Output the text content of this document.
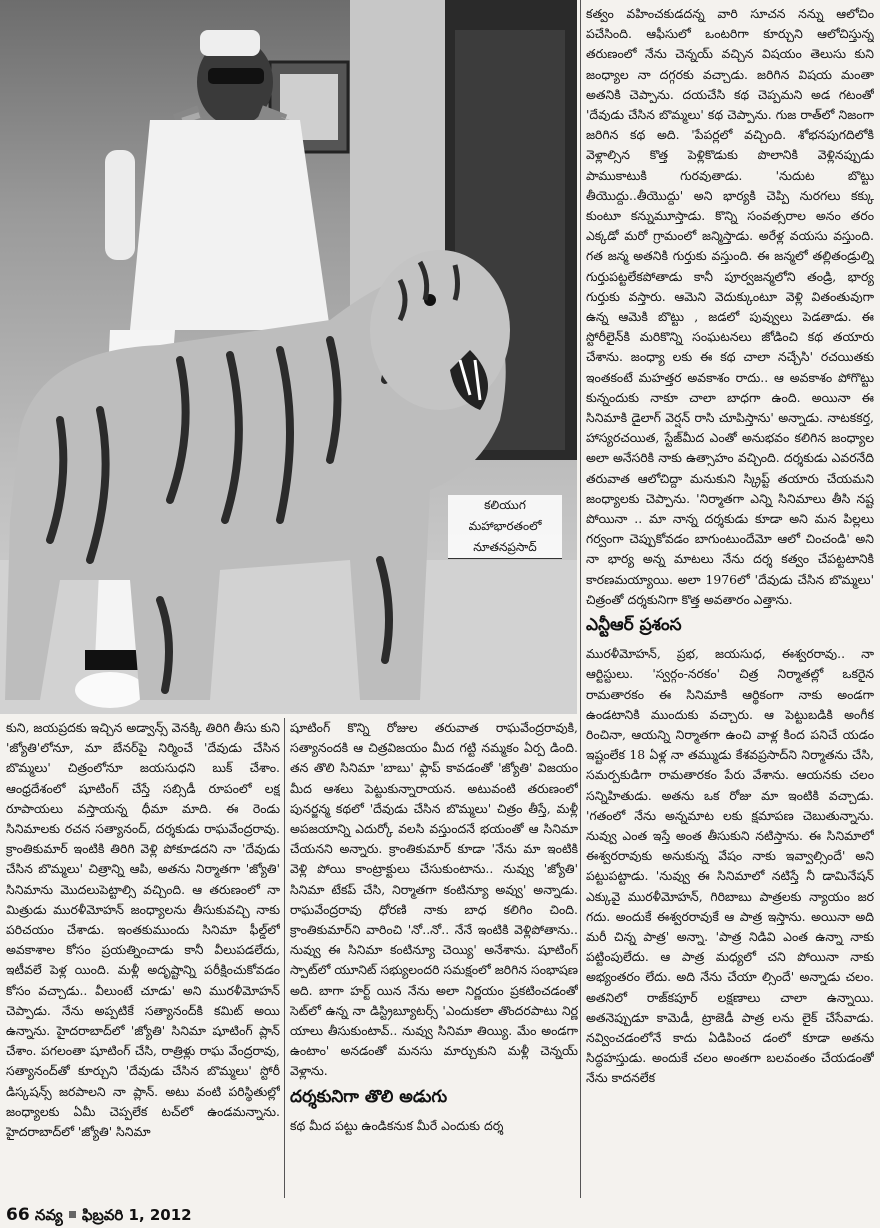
కలియుగ
మహాభారతంలో
నూతనప్రసాద్

కత్వం వహించకుడదన్న వారి సూచన నన్ను ఆలోచిం పచేసింది. ఆఫీసులో ఒంటరిగా కూర్చుని ఆలోచిస్తున్న తరుణంలో నేను చెన్నయ్ వచ్చిన విషయం తెలుసు కుని జంధ్యాల నా దగ్గరకు వచ్చాడు. జరిగిన విషయ మంతా అతనికి చెప్పాను. దయచేసి కథ చెప్పమని అడ గటంతో 'దేవుడు చేసిన బొమ్మలు' కథ చెప్పాను. గుజ రాత్‌లో నిజంగా జరిగిన కథ అది. 'పేపర్లలో వచ్చింది. శోభనపుగదిలోకి వెళ్లాల్సిన కొత్త పెళ్లికొడుకు పొలానికి వెళ్లినప్పుడు పాముకాటుకి గురవుతాడు. 'నుదుట బొట్టు తీయొద్దు..తీయొద్దు' అని భార్యకి చెప్పి నురగలు కక్కు కుంటూ కన్నుమూస్తాడు. కొన్ని సంవత్సరాల అనం తరం ఎక్కడో మరో గ్రామంలో జన్మిస్తాడు. అరేళ్ల వయసు వస్తుంది. గత జన్మ అతనికి గుర్తుకు వస్తుంది. ఈ జన్మలో తల్లితండ్రుల్ని గుర్తుపట్టలేకపోతాడు కానీ పూర్వజన్మలోని తండ్రి, భార్య గుర్తుకు వస్తారు. ఆమెని వెదుక్కుంటూ వెళ్లి వితంతువుగా ఉన్న ఆమెకి బొట్టు , జడలో పువ్వులు పెడతాడు. ఈ స్టోరీలైన్‌కి మరికొన్ని సంఘటనలు జోడించి కథ తయారు చేశాను. జంధ్యా లకు ఈ కథ చాలా నచ్చేసి' రచయితకు ఇంతకంటే మహత్తర అవకాశం రాదు.. ఆ అవకాశం పోగొట్టు కున్నందుకు నాకూ చాలా బాధగా ఉంది. అయినా ఈ సినిమాకి డైలాగ్ వెర్షన్ రాసి చూపిస్తాను' అన్నాడు. నాటకకర్త, హాస్యరచయిత, స్టేజ్‌మీద ఎంతో అనుభవం కలిగిన జంధ్యాల అలా అనేసరికి నాకు ఉత్సాహం వచ్చింది. దర్శకుడు ఎవరనేది తరువాత ఆలోచిద్దా మనుకుని స్క్రిప్ట్ తయారు చేయమని జంధ్యాలకు చెప్పాను. 'నిర్మాతగా ఎన్ని సినిమాలు తీసి నష్ట పోయినా .. మా నాన్న దర్శకుడు కూడా అని మన పిల్లలు గర్వంగా చెప్పుకోవడం బాగుంటుందేమో ఆలో చించండి' అని నా భార్య అన్న మాటలు నేను దర్శ కత్వం చేపట్టటానికి కారణమయ్యాయి. అలా 1976లో 'దేవుడు చేసిన బొమ్మలు' చిత్రంతో దర్శకునిగా కొత్త అవతారం ఎత్తాను.

ఎన్టీఆర్ ప్రశంస

మురళీమోహన్, ప్రభ, జయసుధ, ఈశ్వరరావు.. నా ఆర్టిస్టులు. 'స్వర్గం-నరకం' చిత్ర నిర్మాతల్లో ఒకరైన రామతారకం ఈ సినిమాకి ఆర్థికంగా నాకు అండగా ఉండటానికి ముందుకు వచ్చారు. ఆ పెట్టుబడికి అంగీక రించినా, ఆయన్ని నిర్మాతగా ఉంచి వాళ్ల కింద పనిచే యడం ఇష్టంలేక 18 ఏళ్ల నా తమ్ముడు కేశవప్రసాద్‌ని నిర్మాతను చేసి, సమర్పకుడిగా రామతారకం పేరు వేశాను. ఆయనకు చలం సన్నిహితుడు. అతను ఒక రోజు మా ఇంటికి వచ్చాడు. 'గతంలో నేను అన్నమాట లకు క్షమాపణ చెబుతున్నాను. నువ్వు ఎంత ఇస్తే అంత తీసుకుని నటిస్తాను. ఈ సినిమాలో ఈశ్వరరావుకు అనుకున్న వేషం నాకు ఇవ్వాల్సిందే' అని పట్టుపట్టాడు. 'నువ్వు ఈ సినిమాలో నటిస్తే నీ డామినేషన్ ఎక్కువై మురళీమోహన్, గిరిబాబు పాత్రలకు న్యాయం జర గదు. అందుకే ఈశ్వరరావుకే ఆ పాత్ర ఇస్తాను. అయినా అది మరీ చిన్న పాత్ర' అన్నా. 'పాత్ర నిడివి ఎంత ఉన్నా నాకు పట్టింపులేదు. ఆ పాత్ర మధ్యలో చని పోయినా నాకు అభ్యంతరం లేదు. అది నేను చేయా ల్సిందే' అన్నాడు చలం. అతనిలో రాజ్‌కపూర్ లక్షణాలు చాలా ఉన్నాయి. అతనెప్పుడూ కామెడీ, ట్రాజెడీ పాత్ర లను లైక్ చేసేవాడు. నవ్వించడంలోనే కాదు ఏడిపించ డంలో కూడా అతను సిద్ధహస్తుడు. అందుకే చలం అంతగా బలవంతం చేయడంతో నేను కాదనలేక

కుని, జయప్రదకు ఇచ్చిన అడ్వాన్స్ వెనక్కి తిరిగి తీసు కుని 'జ్యోతి'లోనూ, మా బేనర్‌పై నిర్మించే 'దేవుడు చేసిన బొమ్మలు' చిత్రంలోనూ జయసుధని బుక్ చేశాం. ఆంధ్రదేశంలో షూటింగ్ చేస్తే సబ్సిడీ రూపంలో లక్ష రూపాయలు వస్తాయన్న ధీమా మాది. ఈ రెండు సినిమాలకు రచన సత్యానంద్, దర్శకుడు రాఘవేంద్రరావు. క్రాంతికుమార్ ఇంటికి తిరిగి వెళ్లి పోకూడదని నా 'దేవుడు చేసిన బొమ్మలు' చిత్రాన్ని ఆపి, అతను నిర్మాతగా 'జ్యోతి' సినిమాను మొదలుపెట్టాల్సి వచ్చింది. ఆ తరుణంలో నా మిత్రుడు మురళీమోహన్ జంధ్యాలను తీసుకువచ్చి నాకు పరిచయం చేశాడు. ఇంతకుముందు సినిమా ఫీల్డ్‌లో అవకాశాల కోసం ప్రయత్నించాడు కానీ వీలుపడలేదు, ఇటీవలే పెళ్ల యింది. మళ్లీ అదృష్టాన్ని పరీక్షించుకోవడం కోసం వచ్చాడు.. వీలుంటే చూడు' అని మురళీమోహన్ చెప్పాడు. నేను అప్పటికే సత్యానంద్‌కి కమిట్ అయి ఉన్నాను. హైదరాబాద్‌లో 'జ్యోతి' సినిమా షూటింగ్ ప్లాన్ చేశాం. పగలంతా షూటింగ్ చేసి, రాత్రిళ్లు రాఘ వేంద్రరావు, సత్యానంద్‌తో కూర్చుని 'దేవుడు చేసిన బొమ్మలు' స్టోరీ డిస్కషన్స్ జరపాలని నా ప్లాన్. అటు వంటి పరిస్థితుల్లో జంధ్యాలకు ఏమీ చెప్పలేక టచ్‌లో ఉండమన్నాను. హైదరాబాద్‌లో 'జ్యోతి' సినిమా

షూటింగ్ కొన్ని రోజుల తరువాత రాఘవేంద్రరావుకి, సత్యానందకి ఆ చిత్రవిజయం మీద గట్టి నమ్మకం ఏర్ప డింది. తన తొలి సినిమా 'బాబు' ఫ్లాప్ కావడంతో 'జ్యోతి' విజయం మీద ఆశలు పెట్టుకున్నారాయన. అటువంటి తరుణంలో పునర్జన్మ కథలో 'దేవుడు చేసిన బొమ్మలు' చిత్రం తీస్తే, మళ్లీ అపజయాన్ని ఎదుర్కో వలసి వస్తుందనే భయంతో ఆ సినిమా చేయనని అన్నారు. క్రాంతికుమార్ కూడా 'నేను మా ఇంటికి వెళ్లి పోయి కాంట్రాక్టులు చేసుకుంటాను.. నువ్వు 'జ్యోతి' సినిమా టేకప్ చేసి, నిర్మాతగా కంటిన్యూ అవ్వు' అన్నాడు. రాఘవేంద్రరావు ధోరణి నాకు బాధ కలిగిం చింది. క్రాంతికుమార్‌ని వారించి 'నో..నో.. నేనే ఇంటికి వెళ్లిపోతాను.. నువ్వు ఈ సినిమా కంటిన్యూ చెయ్యి' అనేశాను. షూటింగ్ స్పాట్‌లో యూనిట్ సభ్యులందరి సమక్షంలో జరిగిన సంభాషణ అది. బాగా హర్ట్ యిన నేను అలా నిర్ణయం ప్రకటించడంతో సెట్‌లో ఉన్న నా డిస్ట్రిబ్యూటర్స్ 'ఎందుకలా తొందరపాటు నిర్ణ యాలు తీసుకుంటావ్.. నువ్వు సినిమా తియ్యి. మేం అండగా ఉంటాం' అనడంతో మనసు మార్చుకుని మళ్లీ చెన్నయ్ వెళ్లాను.

దర్శకునిగా తొలి అడుగు

కథ మీద పట్టు ఉండికనుక మీరే ఎందుకు దర్శ

66 నవ్య ఫిబ్రవరి 1, 2012
